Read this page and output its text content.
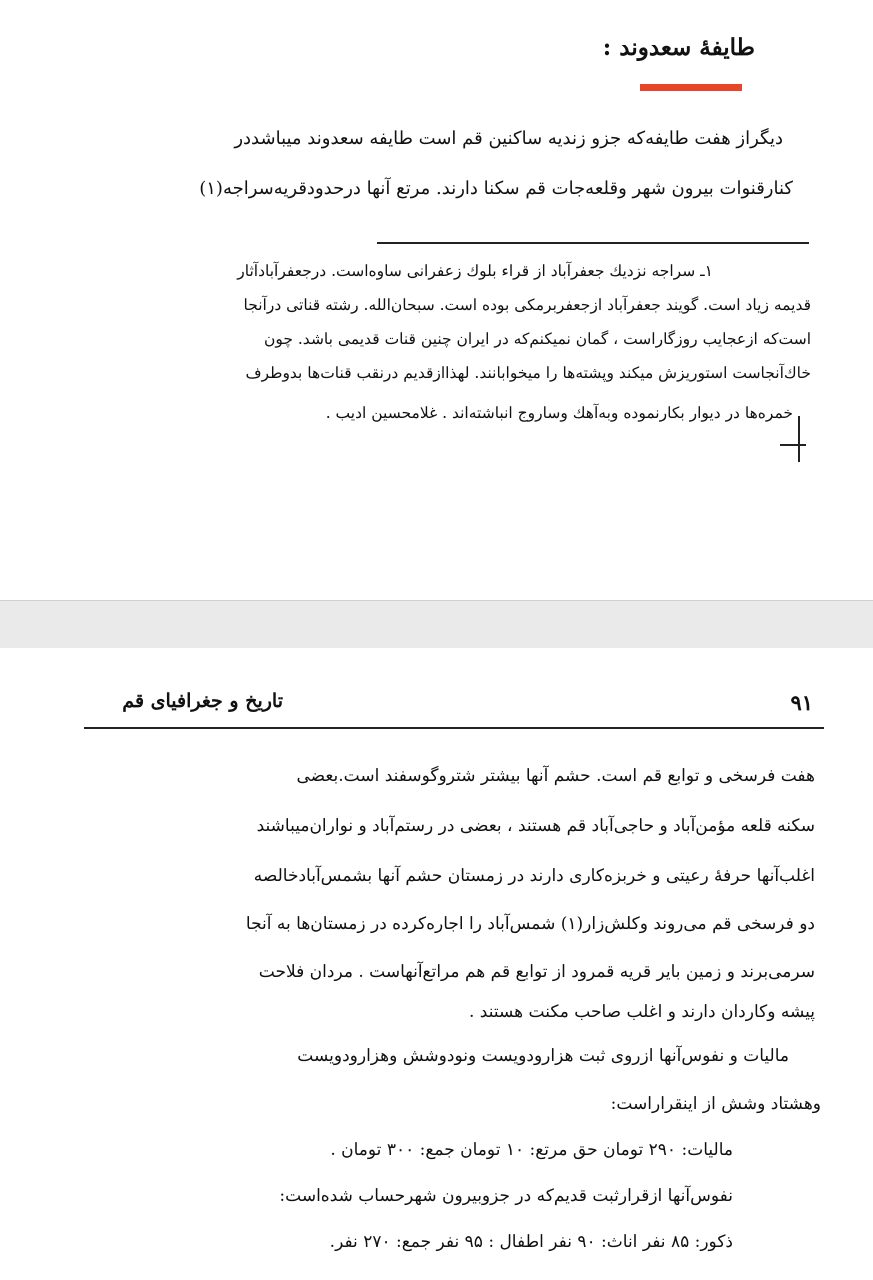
طایفهٔ سعدوند :
دیگراز هفت طایفه‌که جزو زندیه ساکنین قم است طایفه سعدوند میباشددر
کنارقنوات بیرون شهر وقلعه‌جات قم سکنا دارند. مرتع آنها درحدودقریه‌سراجه(۱)
۱ـ سراجه نزدیك جعفرآباد از قراء بلوك زعفرانی ساوه‌است. درجعفرآبادآثار
قدیمه زیاد است. گویند جعفرآباد ازجعفربرمکی بوده است. سبحان‌الله. رشته قناتی درآنجا
است‌که ازعجایب روزگاراست ، گمان نمیکنم‌که در ایران چنین قنات قدیمی باشد. چون
خاك‌آنجاست استوریزش میکند وپشته‌ها را میخوابانند. لهذاازقدیم درنقب قنات‌ها بدوطرف
خمره‌ها در دیوار بکارنموده وبه‌آهك وساروج انباشته‌اند . غلامحسین ادیب .
تاریخ و جغرافیای قم	۹۱
هفت فرسخی و توابع قم است. حشم آنها بیشتر شتروگوسفند است.بعضی
سکنه قلعه مؤمن‌آباد و حاجی‌آباد قم هستند ، بعضی در رستم‌آباد و نواران‌میباشند
اغلب‌آنها حرفهٔ رعیتی و خربزه‌کاری دارند در زمستان حشم آنها بشمس‌آبادخالصه
دو فرسخی قم می‌روند وکلش‌زار(۱) شمس‌آباد را اجاره‌کرده در زمستان‌ها به آنجا
سرمی‌برند و زمین بایر قریه قمرود از توابع قم هم مراتع‌آنهاست . مردان فلاحت
پیشه وکاردان دارند و اغلب صاحب مکنت هستند .
مالیات و نفوس‌آنها ازروی ثبت هزارودویست ونودوشش وهزارودویست
وهشتاد وشش از اینقراراست:
مالیات: ۲۹۰ تومان حق مرتع: ۱۰ تومان جمع: ۳۰۰ تومان .
نفوس‌آنها ازقرارثبت قدیم‌که در جزوبیرون شهرحساب شده‌است:
ذکور: ۸۵ نفر اناث: ۹۰ نفر اطفال : ۹۵ نفر جمع: ۲۷۰ نفر.
